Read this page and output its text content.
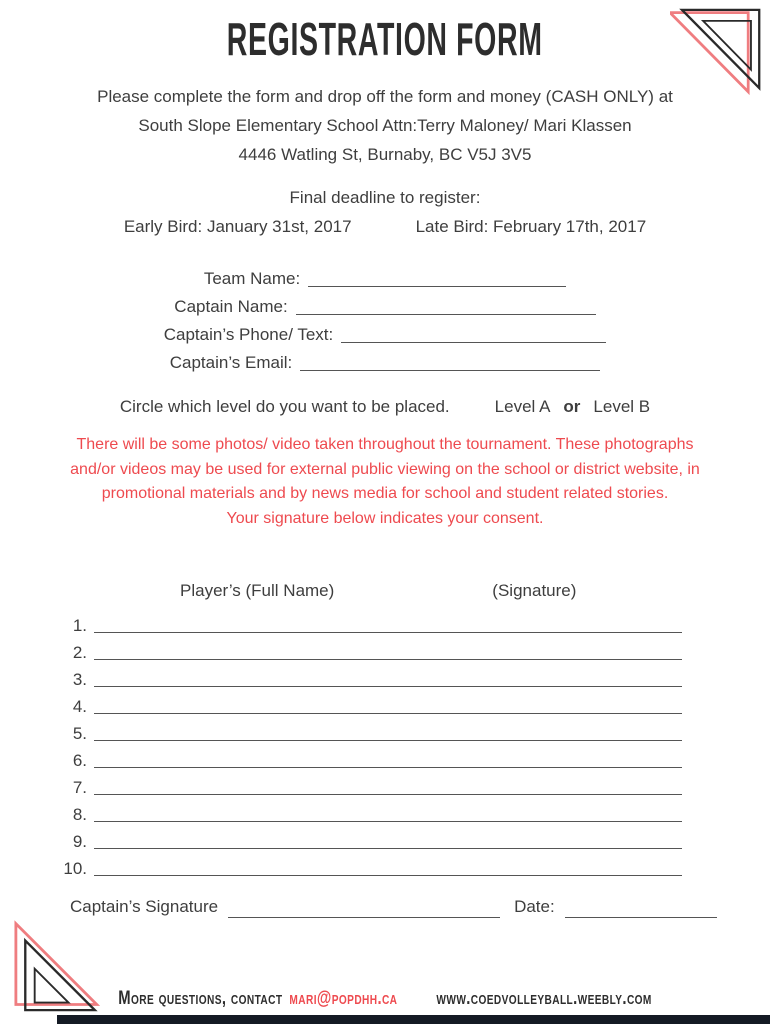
REGISTRATION FORM

Please complete the form and drop off the form and money (CASH ONLY) at

South Slope Elementary School Attn:Terry Maloney/ Mari Klassen

4446 Watling St, Burnaby, BC V5J 3V5

Final deadline to register:

Early Bird: January 31st, 2017	Late Bird: February 17th, 2017
Team Name:
Captain Name:
Captain’s Phone/ Text:
Captain’s Email:
Circle which level do you want to be placed.	Level A or Level B

There will be some photos/ video taken throughout the tournament. These photographs

and/or videos may be used for external public viewing on the school or district website, in

promotional materials and by news media for school and student related stories.

Your signature below indicates your consent.

Player’s (Full Name)	(Signature)
1.
2.
3.
4.
5.
6.
7.
8.
9.
10.
Captain’s Signature	Date:
More questions, contact mari@popdhh.ca www.coedvolleyball.weebly.com
